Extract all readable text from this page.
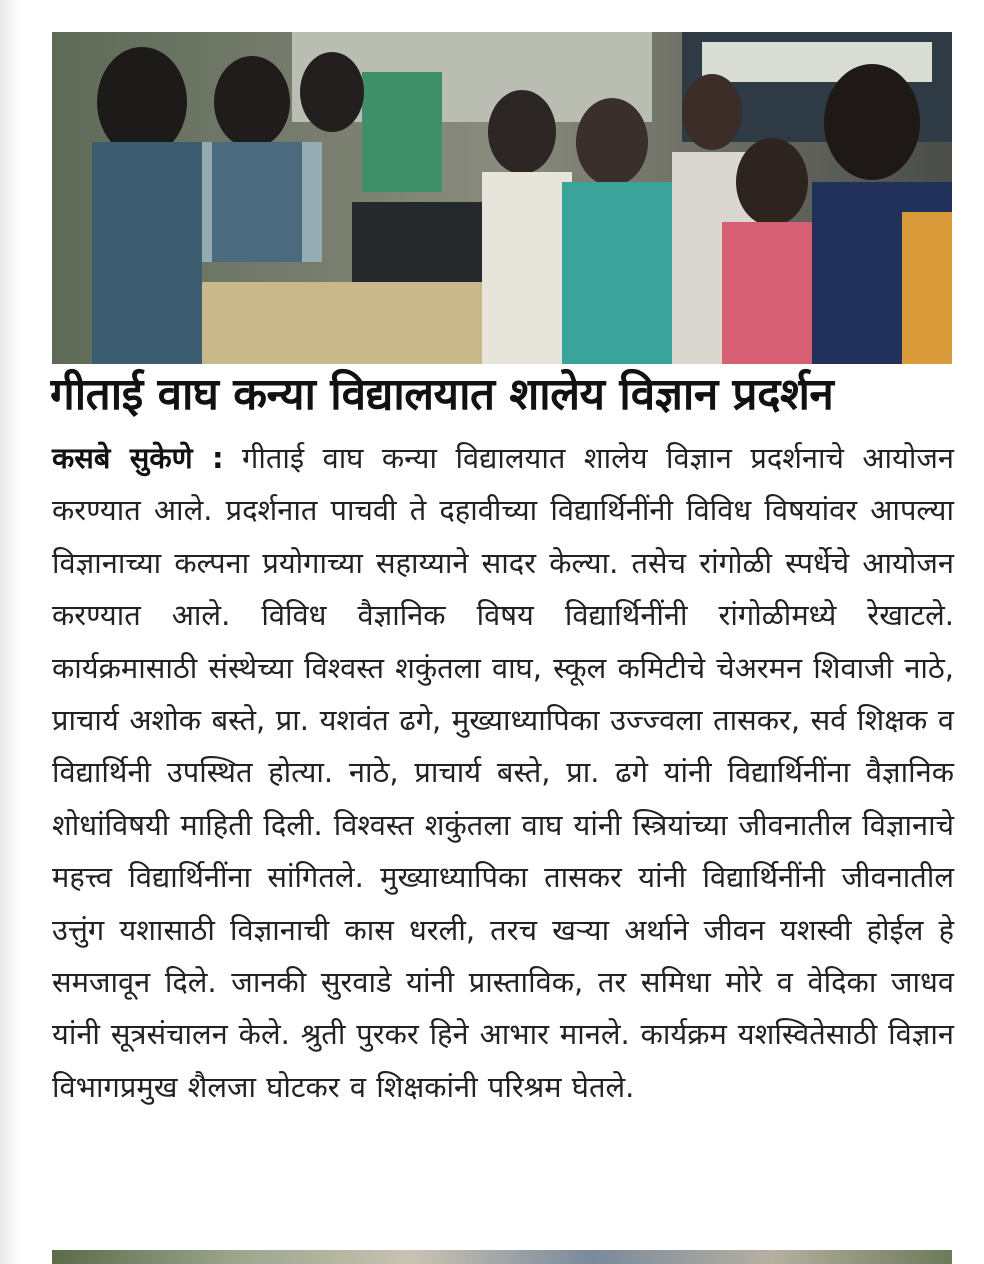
गीताई वाघ कन्या विद्यालयात शालेय विज्ञान प्रदर्शन

कसबे सुकेणे : गीताई वाघ कन्या विद्यालयात शालेय विज्ञान प्रदर्शनाचे आयोजन करण्यात आले. प्रदर्शनात पाचवी ते दहावीच्या विद्यार्थिनींनी विविध विषयांवर आपल्या विज्ञानाच्या कल्पना प्रयोगाच्या सहाय्याने सादर केल्या. तसेच रांगोळी स्पर्धेचे आयोजन करण्यात आले. विविध वैज्ञानिक विषय विद्यार्थिनींनी रांगोळीमध्ये रेखाटले. कार्यक्रमासाठी संस्थेच्या विश्वस्त शकुंतला वाघ, स्कूल कमिटीचे चेअरमन शिवाजी नाठे, प्राचार्य अशोक बस्ते, प्रा. यशवंत ढगे, मुख्याध्यापिका उज्ज्वला तासकर, सर्व शिक्षक व विद्यार्थिनी उपस्थित होत्या. नाठे, प्राचार्य बस्ते, प्रा. ढगे यांनी विद्यार्थिनींना वैज्ञानिक शोधांविषयी माहिती दिली. विश्वस्त शकुंतला वाघ यांनी स्त्रियांच्या जीवनातील विज्ञानाचे महत्त्व विद्यार्थिनींना सांगितले. मुख्याध्यापिका तासकर यांनी विद्यार्थिनींनी जीवनातील उत्तुंग यशासाठी विज्ञानाची कास धरली, तरच खऱ्या अर्थाने जीवन यशस्वी होईल हे समजावून दिले. जानकी सुरवाडे यांनी प्रास्ताविक, तर समिधा मोरे व वेदिका जाधव यांनी सूत्रसंचालन केले. श्रुती पुरकर हिने आभार मानले. कार्यक्रम यशस्वितेसाठी विज्ञान विभागप्रमुख शैलजा घोटकर व शिक्षकांनी परिश्रम घेतले.
